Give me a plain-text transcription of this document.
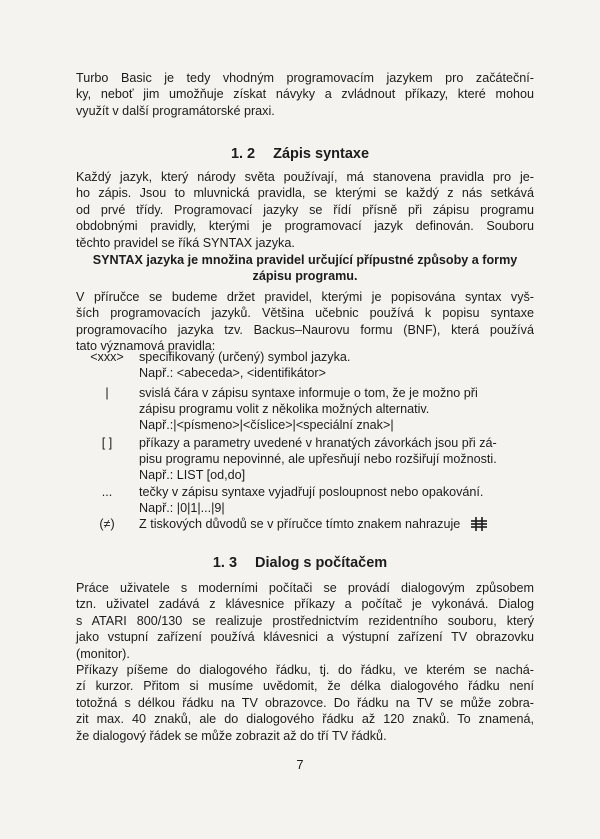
Turbo Basic je tedy vhodným programovacím jazykem pro začáteční-
ky, neboť jim umožňuje získat návyky a zvládnout příkazy, které mohou
využít v další programátorské praxi.

1. 2 Zápis syntaxe

Každý jazyk, který národy světa používají, má stanovena pravidla pro je-
ho zápis. Jsou to mluvnická pravidla, se kterými se každý z nás setkává
od prvé třídy. Programovací jazyky se řídí přísně při zápisu programu
obdobnými pravidly, kterými je programovací jazyk definován. Souboru
těchto pravidel se říká SYNTAX jazyka.

SYNTAX jazyka je množina pravidel určující přípustné způsoby a formy
zápisu programu.

V příručce se budeme držet pravidel, kterými je popisována syntax vyš-
ších programovacích jazyků. Většina učebnic používá k popisu syntaxe
programovacího jazyka tzv. Backus–Naurovu formu (BNF), která používá
tato významová pravidla:

<xxx>	specifikovaný (určený) symbol jazyka.
Např.: <abeceda>, <identifikátor>
|	svislá čára v zápisu syntaxe informuje o tom, že je možno při
zápisu programu volit z několika možných alternativ.
Např.:|<písmeno>|<číslice>|<speciální znak>|
[ ]	příkazy a parametry uvedené v hranatých závorkách jsou při zá-
pisu programu nepovinné, ale upřesňují nebo rozšiřují možnosti.
Např.: LIST [od,do]
...	tečky v zápisu syntaxe vyjadřují posloupnost nebo opakování.
Např.: |0|1|...|9|
(≠)	Z tiskových důvodů se v příručce tímto znakem nahrazuje
1. 3 Dialog s počítačem

Práce uživatele s moderními počítači se provádí dialogovým způsobem
tzn. uživatel zadává z klávesnice příkazy a počítač je vykonává. Dialog
s ATARI 800/130 se realizuje prostřednictvím rezidentního souboru, který
jako vstupní zařízení používá klávesnici a výstupní zařízení TV obrazovku
(monitor).

Příkazy píšeme do dialogového řádku, tj. do řádku, ve kterém se nachá-
zí kurzor. Přitom si musíme uvědomit, že délka dialogového řádku není
totožná s délkou řádku na TV obrazovce. Do řádku na TV se může zobra-
zit max. 40 znaků, ale do dialogového řádku až 120 znaků. To znamená,
že dialogový řádek se může zobrazit až do tří TV řádků.

7
